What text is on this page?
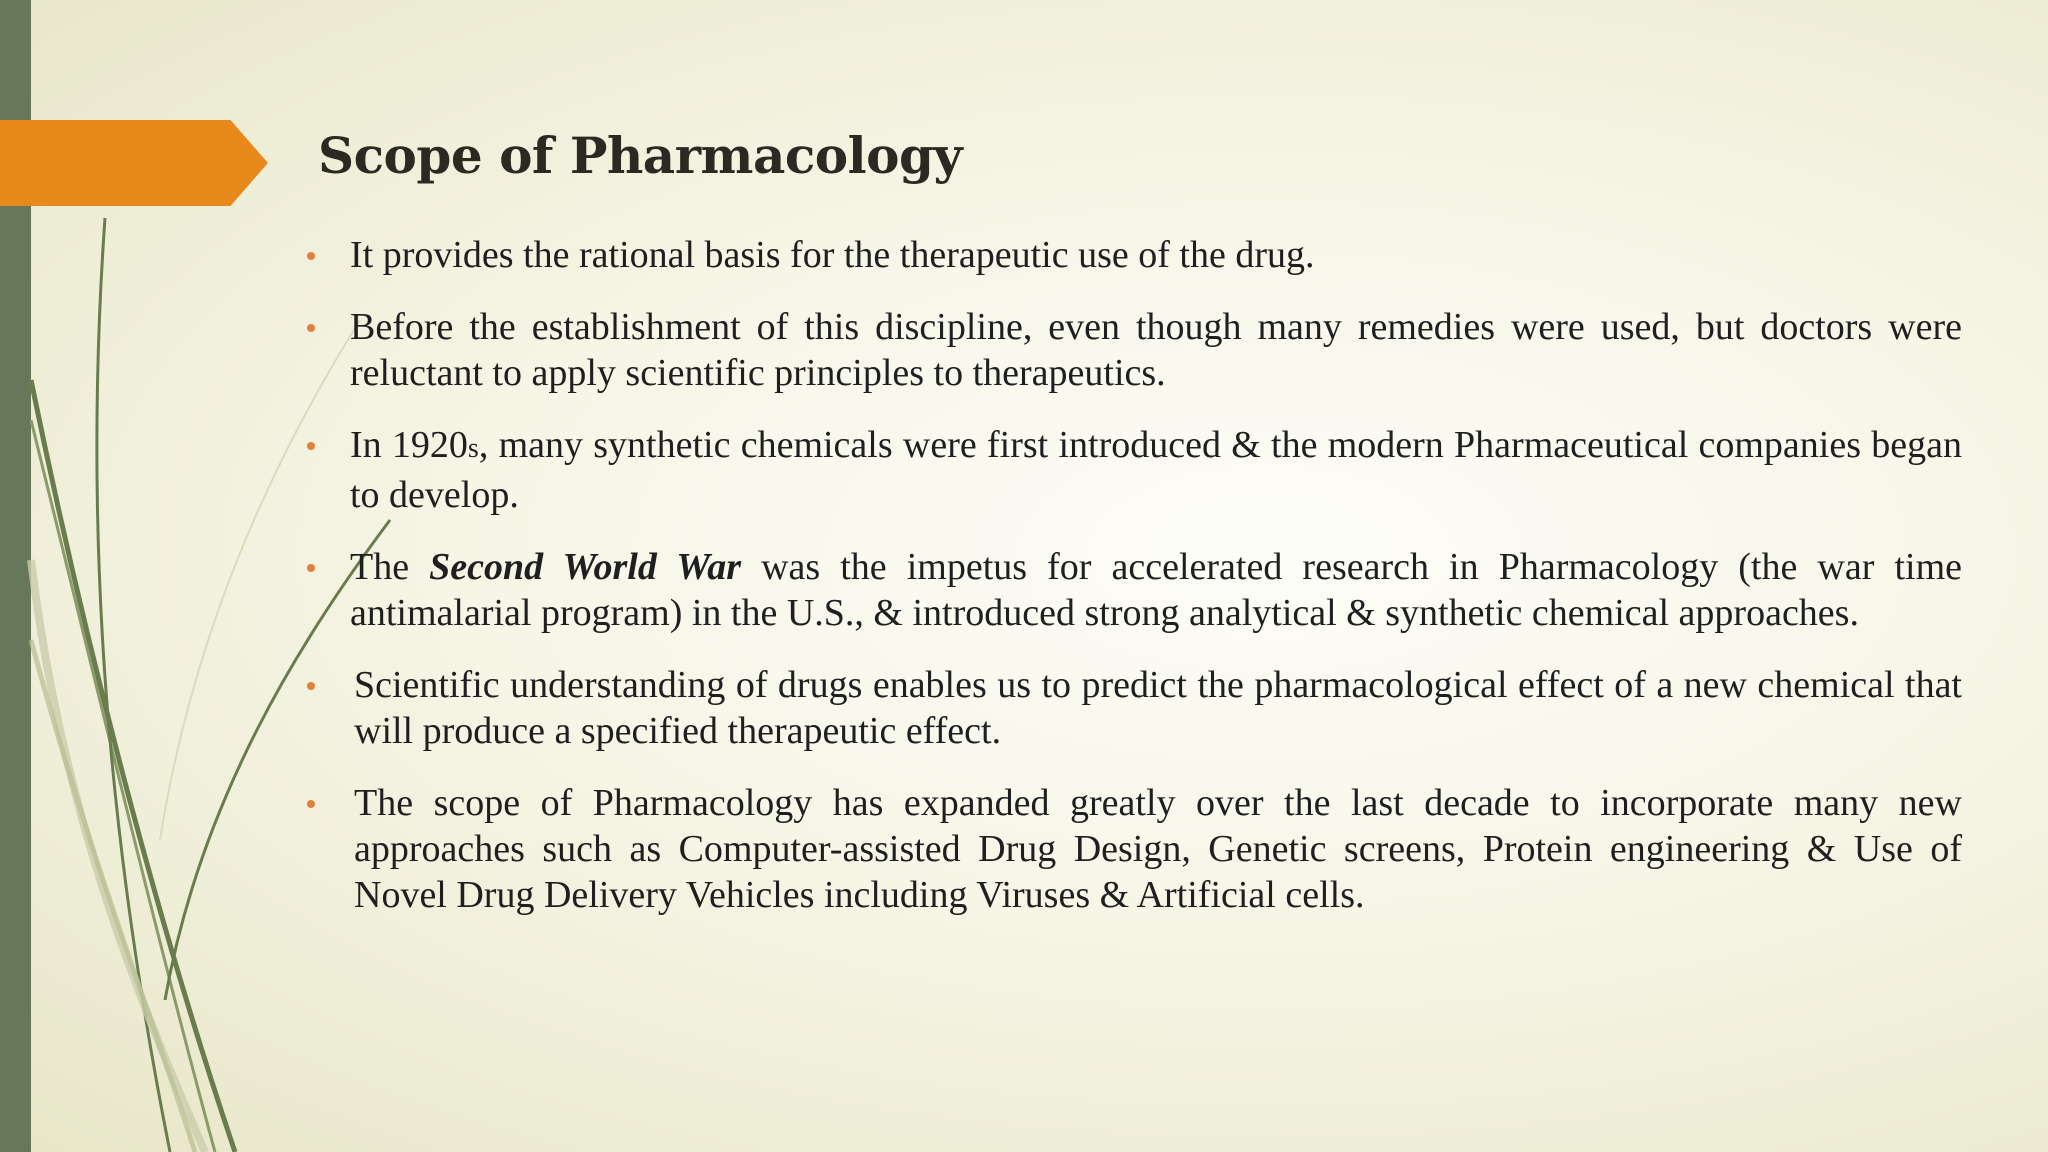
Scope of Pharmacology
It provides the rational basis for the therapeutic use of the drug.
Before the establishment of this discipline, even though many remedies were used, but doctors were reluctant to apply scientific principles to therapeutics.
In 1920s, many synthetic chemicals were first introduced & the modern Pharmaceutical companies began to develop.
The Second World War was the impetus for accelerated research in Pharmacology (the war time antimalarial program) in the U.S., & introduced strong analytical & synthetic chemical approaches.
Scientific understanding of drugs enables us to predict the pharmacological effect of a new chemical that will produce a specified therapeutic effect.
The scope of Pharmacology has expanded greatly over the last decade to incorporate many new approaches such as Computer-assisted Drug Design, Genetic screens, Protein engineering & Use of Novel Drug Delivery Vehicles including Viruses & Artificial cells.
